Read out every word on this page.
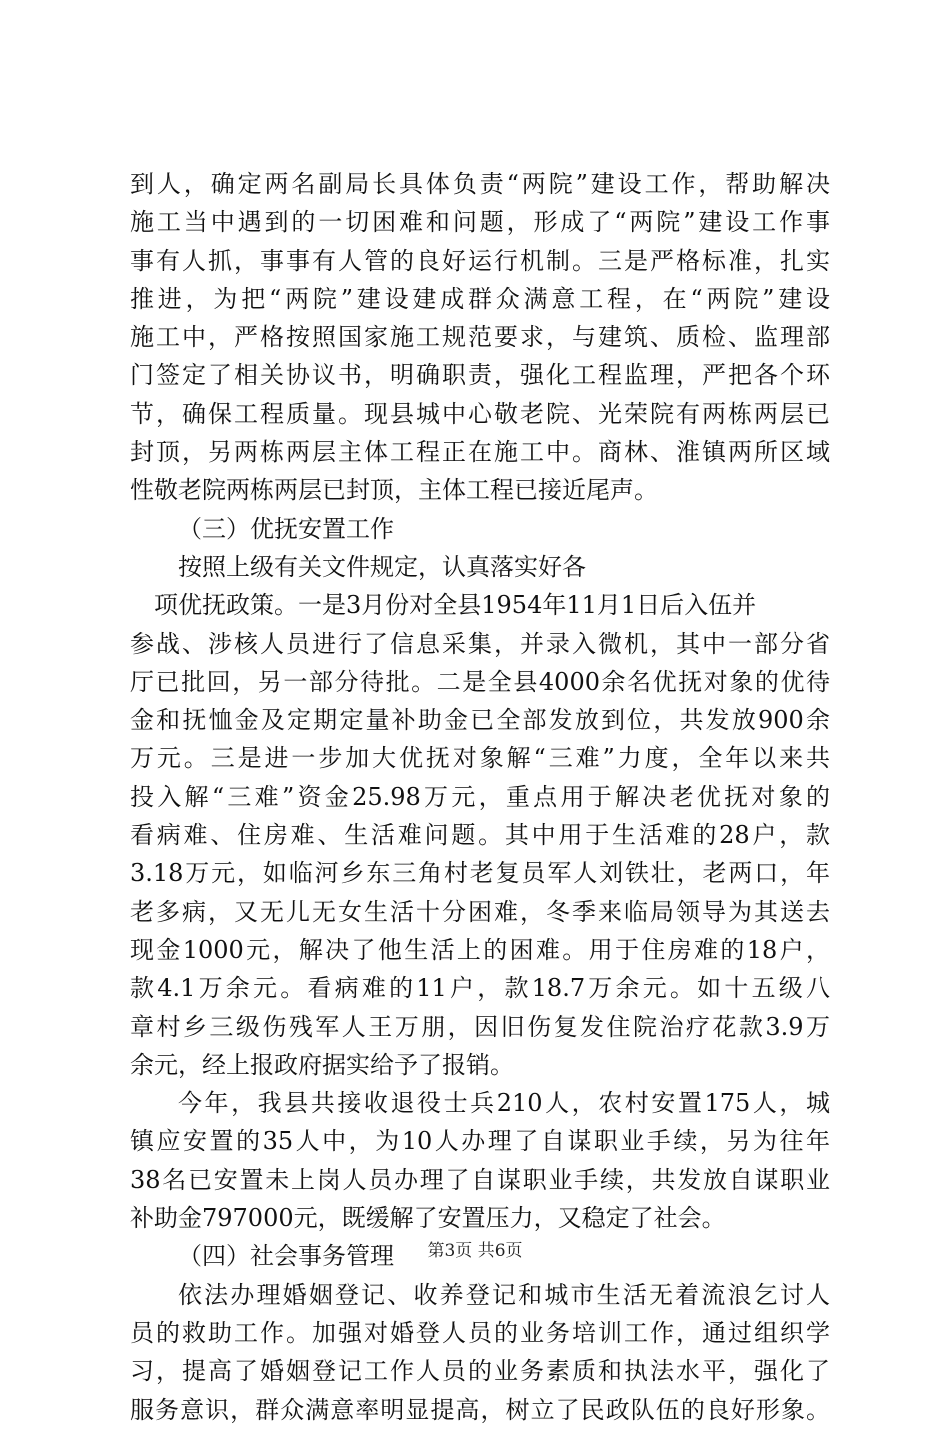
到人，确定两名副局长具体负责“两院”建设工作，帮助解决
施工当中遇到的一切困难和问题，形成了“两院”建设工作事
事有人抓，事事有人管的良好运行机制。三是严格标准，扎实
推进，为把“两院”建设建成群众满意工程，在“两院”建设
施工中，严格按照国家施工规范要求，与建筑、质检、监理部
门签定了相关协议书，明确职责，强化工程监理，严把各个环
节，确保工程质量。现县城中心敬老院、光荣院有两栋两层已
封顶，另两栋两层主体工程正在施工中。商林、淮镇两所区域
性敬老院两栋两层已封顶，主体工程已接近尾声。
（三）优抚安置工作
按照上级有关文件规定，认真落实好各
项优抚政策。一是3月份对全县1954年11月1日后入伍并
参战、涉核人员进行了信息采集，并录入微机，其中一部分省
厅已批回，另一部分待批。二是全县4000余名优抚对象的优待
金和抚恤金及定期定量补助金已全部发放到位，共发放900余
万元。三是进一步加大优抚对象解“三难”力度，全年以来共
投入解“三难”资金25.98万元，重点用于解决老优抚对象的
看病难、住房难、生活难问题。其中用于生活难的28户，款
3.18万元，如临河乡东三角村老复员军人刘铁壮，老两口，年
老多病，又无儿无女生活十分困难，冬季来临局领导为其送去
现金1000元，解决了他生活上的困难。用于住房难的18户，
款4.1万余元。看病难的11户，款18.7万余元。如十五级八
章村乡三级伤残军人王万朋，因旧伤复发住院治疗花款3.9万
余元，经上报政府据实给予了报销。
今年，我县共接收退役士兵210人，农村安置175人，城
镇应安置的35人中，为10人办理了自谋职业手续，另为往年
38名已安置未上岗人员办理了自谋职业手续，共发放自谋职业
补助金797000元，既缓解了安置压力，又稳定了社会。
（四）社会事务管理
依法办理婚姻登记、收养登记和城市生活无着流浪乞讨人
员的救助工作。加强对婚登人员的业务培训工作，通过组织学
习，提高了婚姻登记工作人员的业务素质和执法水平，强化了
服务意识，群众满意率明显提高，树立了民政队伍的良好形象。
第3页 共6页
